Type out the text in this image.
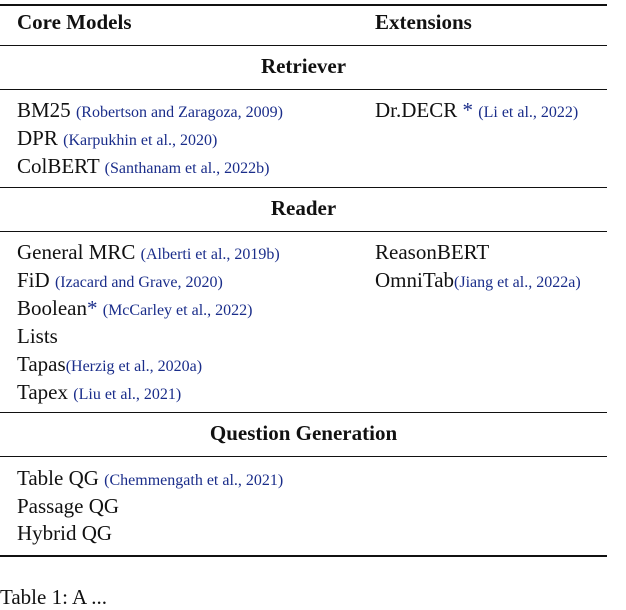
Core Models	Extensions
Retriever
BM25 (Robertson and Zaragoza, 2009)
DPR (Karpukhin et al., 2020)
ColBERT (Santhanam et al., 2022b)
Dr.DECR * (Li et al., 2022)
Reader
General MRC (Alberti et al., 2019b)
FiD (Izacard and Grave, 2020)
Boolean* (McCarley et al., 2022)
Lists
Tapas(Herzig et al., 2020a)
Tapex (Liu et al., 2021)
ReasonBERT
OmniTab(Jiang et al., 2022a)
Question Generation
Table QG (Chemmengath et al., 2021)
Passage QG
Hybrid QG
Table 1: A ...
